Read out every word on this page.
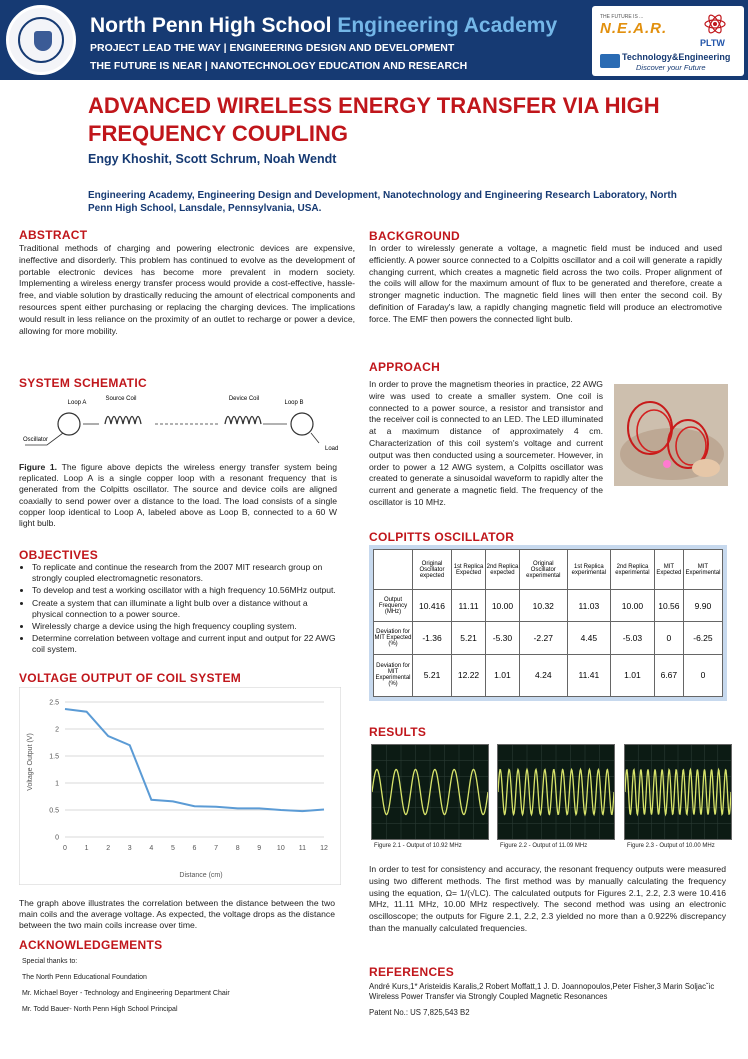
North Penn High School Engineering Academy
PROJECT LEAD THE WAY | ENGINEERING DESIGN AND DEVELOPMENT
THE FUTURE IS NEAR | NANOTECHNOLOGY EDUCATION AND RESEARCH
THE FUTURE IS ...
N.E.A.R.
PLTW
Technology&Engineering
Discover your Future
ADVANCED WIRELESS ENERGY TRANSFER VIA HIGH FREQUENCY COUPLING
Engy Khoshit, Scott Schrum, Noah Wendt
Engineering Academy, Engineering Design and Development, Nanotechnology and Engineering Research Laboratory, North Penn High School, Lansdale, Pennsylvania, USA.
ABSTRACT
Traditional methods of charging and powering electronic devices are expensive, ineffective and disorderly. This problem has continued to evolve as the development of portable electronic devices has become more prevalent in modern society. Implementing a wireless energy transfer process would provide a cost-effective, hassle-free, and viable solution by drastically reducing the amount of electrical components and resources spent either purchasing or replacing the charging devices. The implications would result in less reliance on the proximity of an outlet to recharge or power a device, allowing for more mobility.
SYSTEM SCHEMATIC
Loop A
Source Coil	Device Coil
Loop B
Oscillator
Load
Figure 1. The figure above depicts the wireless energy transfer system being replicated. Loop A is a single copper loop with a resonant frequency that is generated from the Colpitts oscillator. The source and device coils are aligned coaxially to send power over a distance to the load. The load consists of a single copper loop identical to Loop A, labeled above as Loop B, connected to a 60 W light bulb.
OBJECTIVES
• To replicate and continue the research from the 2007 MIT research group on strongly coupled electromagnetic resonators.
• To develop and test a working oscillator with a high frequency 10.56MHz output.
• Create a system that can illuminate a light bulb over a distance without a physical connection to a power source.
• Wirelessly charge a device using the high frequency coupling system.
• Determine correlation between voltage and current input and output for 22 AWG coil system.
VOLTAGE OUTPUT OF COIL SYSTEM
0
0.5
1
1.5
2
2.5
0	1	2	3	4	5	6	7	8	9 10 11 12
Distance (cm)
Voltage Output (V)
The graph above illustrates the correlation between the distance between the two main coils and the average voltage. As expected, the voltage drops as the distance between the two main coils increase over time.
ACKNOWLEDGEMENTS
Special thanks to:
The North Penn Educational Foundation
Mr. Michael Boyer - Technology and Engineering Department Chair
Mr. Todd Bauer- North Penn High School Principal
BACKGROUND
In order to wirelessly generate a voltage, a magnetic field must be induced and used efficiently. A power source connected to a Colpitts oscillator and a coil will generate a rapidly changing current, which creates a magnetic field across the two coils. Proper alignment of the coils will allow for the maximum amount of flux to be generated and therefore, create a stronger magnetic induction. The magnetic field lines will then enter the second coil. By definition of Faraday's law, a rapidly changing magnetic field will produce an electromotive force. The EMF then powers the connected light bulb.
APPROACH
In order to prove the magnetism theories in practice, 22 AWG wire was used to create a smaller system. One coil is connected to a power source, a resistor and transistor and the receiver coil is connected to an LED. The LED illuminated at a maximum distance of approximately 4 cm. Characterization of this coil system's voltage and current output was then conducted using a sourcemeter. However, in order to power a 12 AWG system, a Colpitts oscillator was created to generate a sinusoidal waveform to rapidly alter the current and generate a magnetic field. The frequency of the oscillator is 10 MHz.
COLPITTS OSCILLATOR
	Original Oscillator expected	1st Replica Expected	2nd Replica expected	Original Oscillator experimental	1st Replica experimental	2nd Replica experimental	MIT Expected	MIT Experimental
Output Frequency (MHz)	10.416	11.11	10.00	10.32	11.03	10.00	10.56	9.90
Deviation for MIT Expected (%)	-1.36	5.21	-5.30	-2.27	4.45	-5.03	0	-6.25
Deviation for MIT Experimental (%)	5.21	12.22	1.01	4.24	11.41	1.01	6.67	0
RESULTS
Figure 2.1 - Output of 10.92 MHz	Figure 2.2 - Output of 11.09 MHz	Figure 2.3 - Output of 10.00 MHz
In order to test for consistency and accuracy, the resonant frequency outputs were measured using two different methods. The first method was by manually calculating the frequency using the equation, Ω= 1/(√LC). The calculated outputs for Figures 2.1, 2.2, 2.3 were 10.416 MHz, 11.11 MHz, 10.00 MHz respectively. The second method was using an electronic oscilloscope; the outputs for Figure 2.1, 2.2, 2.3 yielded no more than a 0.922% discrepancy than the manually calculated frequencies.
REFERENCES
André Kurs,1* Aristeidis Karalis,2 Robert Moffatt,1 J. D. Joannopoulos,Peter Fisher,3 Marin Soljacˇic
Wireless Power Transfer via Strongly Coupled Magnetic Resonances
Patent No.: US 7,825,543 B2
